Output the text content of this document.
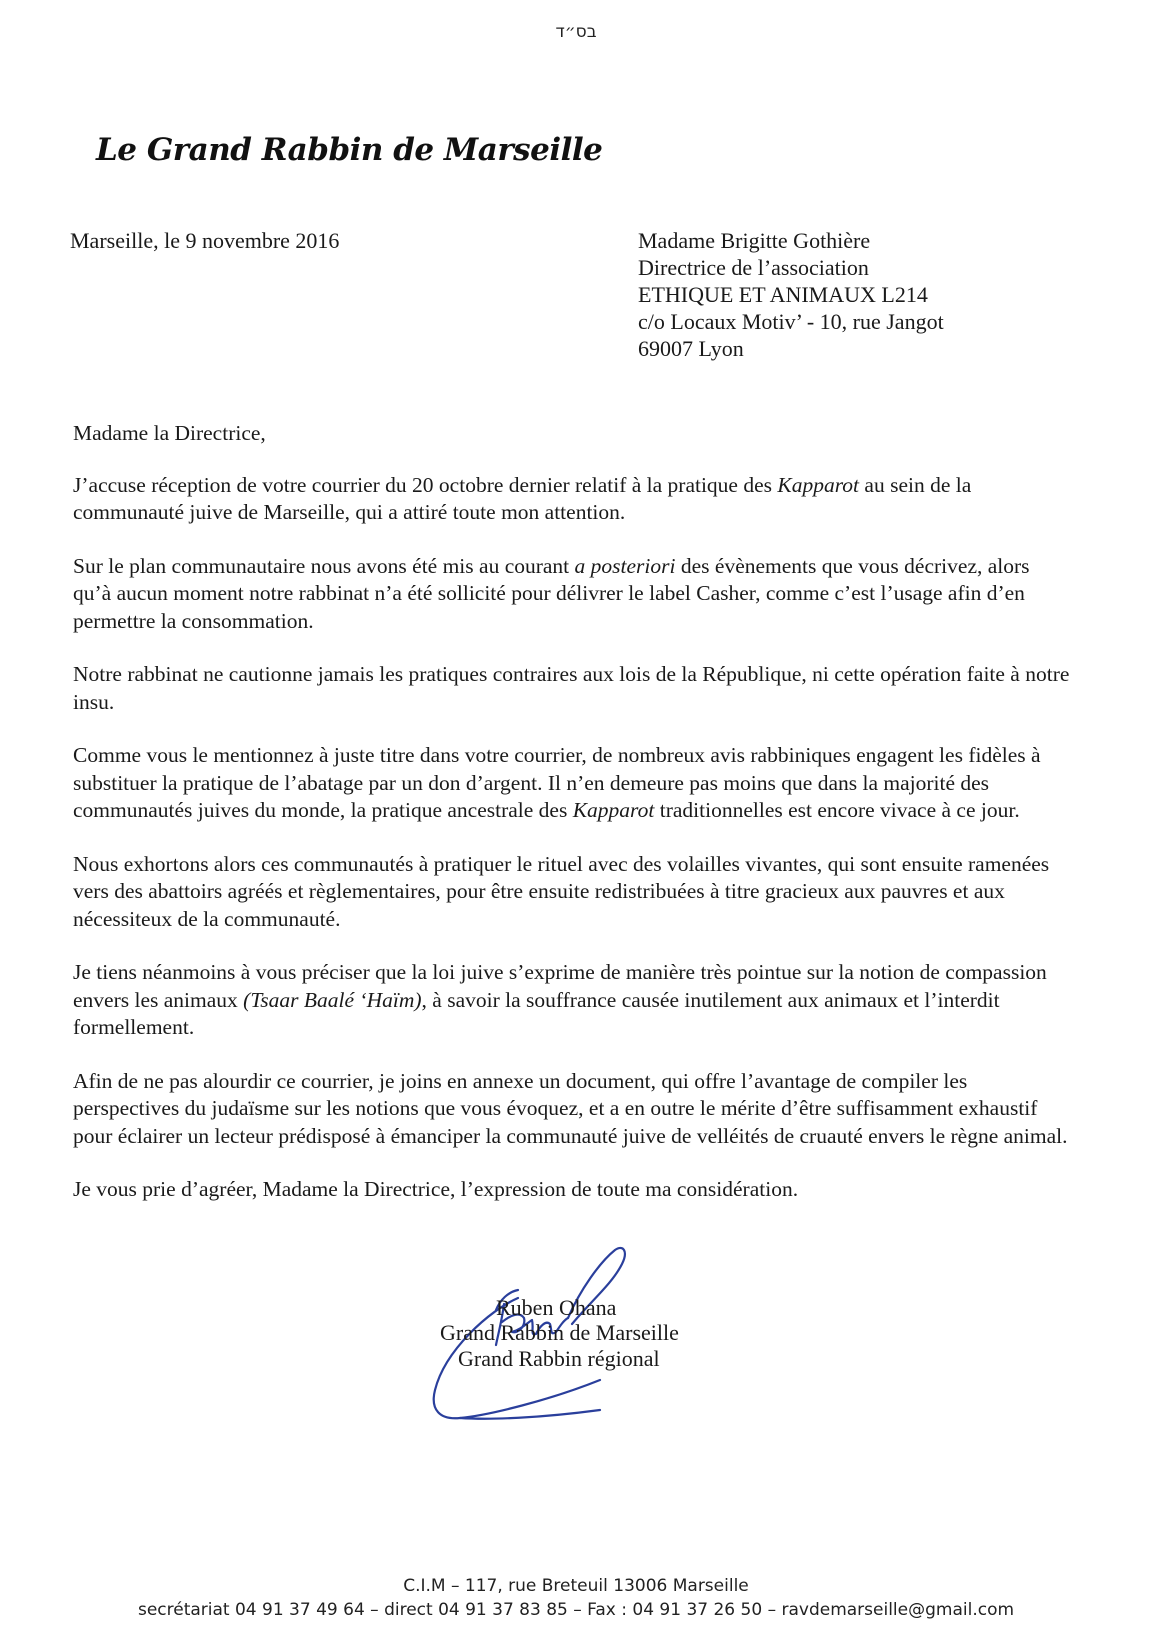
בס״ד
Le Grand Rabbin de Marseille
Marseille, le 9 novembre 2016	Madame Brigitte Gothière
Directrice de l’association
ETHIQUE ET ANIMAUX L214
c/o Locaux Motiv’ - 10, rue Jangot
69007 Lyon

Madame la Directrice,

J’accuse réception de votre courrier du 20 octobre dernier relatif à la pratique des Kapparot au sein de la communauté juive de Marseille, qui a attiré toute mon attention.

Sur le plan communautaire nous avons été mis au courant a posteriori des évènements que vous décrivez, alors qu’à aucun moment notre rabbinat n’a été sollicité pour délivrer le label Casher, comme c’est l’usage afin d’en permettre la consommation.

Notre rabbinat ne cautionne jamais les pratiques contraires aux lois de la République, ni cette opération faite à notre insu.

Comme vous le mentionnez à juste titre dans votre courrier, de nombreux avis rabbiniques engagent les fidèles à substituer la pratique de l’abatage par un don d’argent. Il n’en demeure pas moins que dans la majorité des communautés juives du monde, la pratique ancestrale des Kapparot traditionnelles est encore vivace à ce jour.

Nous exhortons alors ces communautés à pratiquer le rituel avec des volailles vivantes, qui sont ensuite ramenées vers des abattoirs agréés et règlementaires, pour être ensuite redistribuées à titre gracieux aux pauvres et aux nécessiteux de la communauté.

Je tiens néanmoins à vous préciser que la loi juive s’exprime de manière très pointue sur la notion de compassion envers les animaux (Tsaar Baalé ‘Haïm), à savoir la souffrance causée inutilement aux animaux et l’interdit formellement.

Afin de ne pas alourdir ce courrier, je joins en annexe un document, qui offre l’avantage de compiler les perspectives du judaïsme sur les notions que vous évoquez, et a en outre le mérite d’être suffisamment exhaustif pour éclairer un lecteur prédisposé à émanciper la communauté juive de velléités de cruauté envers le règne animal.

Je vous prie d’agréer, Madame la Directrice, l’expression de toute ma considération.

Ruben Ohana
Grand Rabbin de Marseille
Grand Rabbin régional
C.I.M – 117, rue Breteuil 13006 Marseille
secrétariat 04 91 37 49 64 – direct 04 91 37 83 85 – Fax : 04 91 37 26 50 – ravdemarseille@gmail.com
